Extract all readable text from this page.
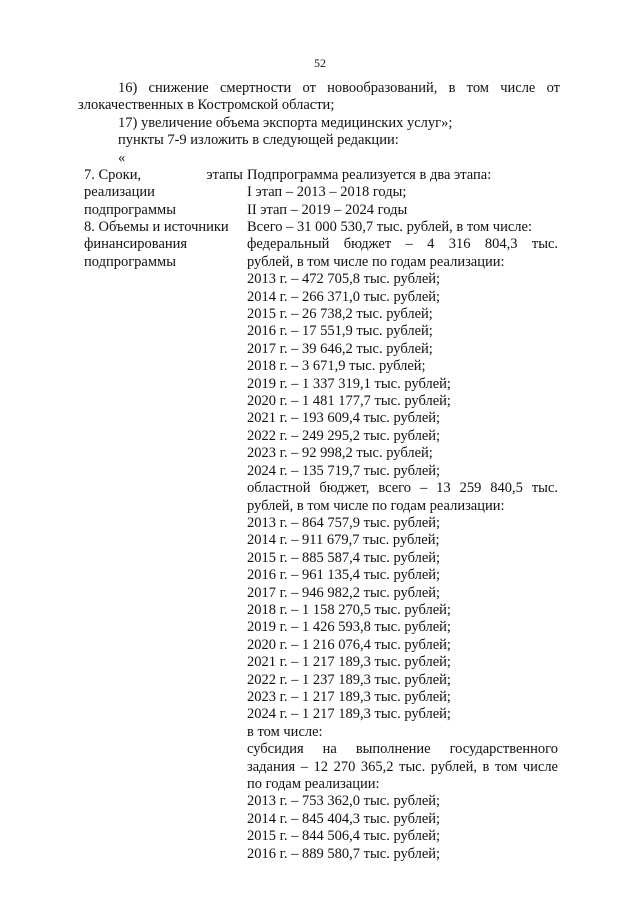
52
16) снижение смертности от новообразований, в том числе от
злокачественных в Костромской области;
17) увеличение объема экспорта медицинских услуг»;
пункты 7-9 изложить в следующей редакции:
«
7. Сроки,                  этапы
реализации
подпрограммы
Подпрограмма реализуется в два этапа:
I этап – 2013 – 2018 годы;
II этап – 2019 – 2024 годы
8. Объемы и источники
финансирования
подпрограммы
Всего – 31 000 530,7 тыс. рублей, в том числе:
федеральный бюджет – 4 316 804,3 тыс.
рублей, в том числе по годам реализации:
2013 г. – 472 705,8 тыс. рублей;
2014 г. – 266 371,0 тыс. рублей;
2015 г. – 26 738,2 тыс. рублей;
2016 г. – 17 551,9 тыс. рублей;
2017 г. – 39 646,2 тыс. рублей;
2018 г. – 3 671,9 тыс. рублей;
2019 г. – 1 337 319,1 тыс. рублей;
2020 г. – 1 481 177,7 тыс. рублей;
2021 г. – 193 609,4 тыс. рублей;
2022 г. – 249 295,2 тыс. рублей;
2023 г. – 92 998,2 тыс. рублей;
2024 г. – 135 719,7 тыс. рублей;
областной бюджет, всего – 13 259 840,5 тыс.
рублей, в том числе по годам реализации:
2013 г. – 864 757,9 тыс. рублей;
2014 г. – 911 679,7 тыс. рублей;
2015 г. – 885 587,4 тыс. рублей;
2016 г. – 961 135,4 тыс. рублей;
2017 г. – 946 982,2 тыс. рублей;
2018 г. – 1 158 270,5 тыс. рублей;
2019 г. – 1 426 593,8 тыс. рублей;
2020 г. – 1 216 076,4 тыс. рублей;
2021 г. – 1 217 189,3 тыс. рублей;
2022 г. – 1 237 189,3 тыс. рублей;
2023 г. – 1 217 189,3 тыс. рублей;
2024 г. – 1 217 189,3 тыс. рублей;
в том числе:
субсидия на выполнение государственного
задания – 12 270 365,2 тыс. рублей, в том числе
по годам реализации:
2013 г. – 753 362,0 тыс. рублей;
2014 г. – 845 404,3 тыс. рублей;
2015 г. – 844 506,4 тыс. рублей;
2016 г. – 889 580,7 тыс. рублей;
